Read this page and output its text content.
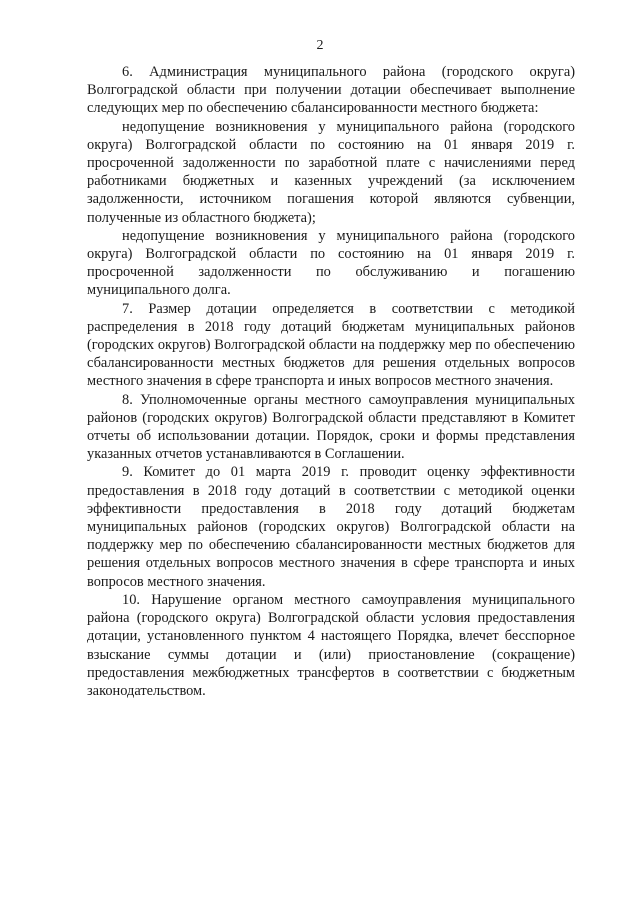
2

6. Администрация муниципального района (городского округа) Волгоградской области при получении дотации обеспечивает выполнение следующих мер по обеспечению сбалансированности местного бюджета:

недопущение возникновения у муниципального района (городского округа) Волгоградской области по состоянию на 01 января 2019 г. просроченной задолженности по заработной плате с начислениями перед работниками бюджетных и казенных учреждений (за исключением задолженности, источником погашения которой являются субвенции, полученные из областного бюджета);

недопущение возникновения у муниципального района (городского округа) Волгоградской области по состоянию на 01 января 2019 г. просроченной задолженности по обслуживанию и погашению муниципального долга.

7. Размер дотации определяется в соответствии с методикой распределения в 2018 году дотаций бюджетам муниципальных районов (городских округов) Волгоградской области на поддержку мер по обеспечению сбалансированности местных бюджетов для решения отдельных вопросов местного значения в сфере транспорта и иных вопросов местного значения.

8. Уполномоченные органы местного самоуправления муниципальных районов (городских округов) Волгоградской области представляют в Комитет отчеты об использовании дотации. Порядок, сроки и формы представления указанных отчетов устанавливаются в Соглашении.

9. Комитет до 01 марта 2019 г. проводит оценку эффективности предоставления в 2018 году дотаций в соответствии с методикой оценки эффективности предоставления в 2018 году дотаций бюджетам муниципальных районов (городских округов) Волгоградской области на поддержку мер по обеспечению сбалансированности местных бюджетов для решения отдельных вопросов местного значения в сфере транспорта и иных вопросов местного значения.

10. Нарушение органом местного самоуправления муниципального района (городского округа) Волгоградской области условия предоставления дотации, установленного пунктом 4 настоящего Порядка, влечет бесспорное взыскание суммы дотации и (или) приостановление (сокращение) предоставления межбюджетных трансфертов в соответствии с бюджетным законодательством.
